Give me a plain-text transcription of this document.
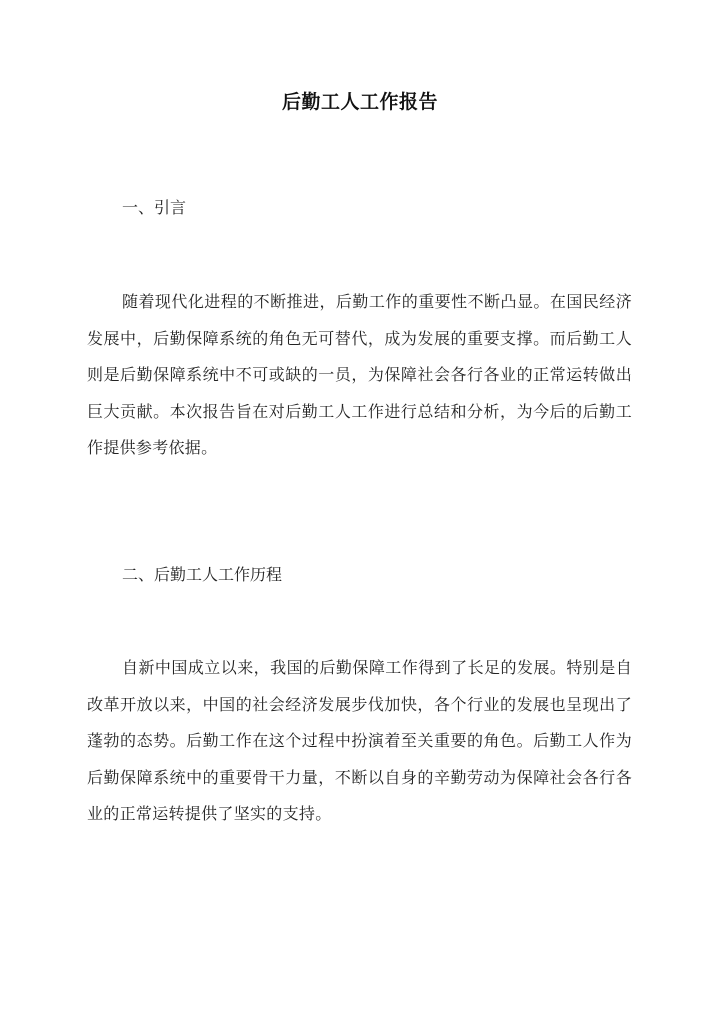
后勤工人工作报告
一、引言

随着现代化进程的不断推进，后勤工作的重要性不断凸显。在国民经济发展中，后勤保障系统的角色无可替代，成为发展的重要支撑。而后勤工人则是后勤保障系统中不可或缺的一员，为保障社会各行各业的正常运转做出巨大贡献。本次报告旨在对后勤工人工作进行总结和分析，为今后的后勤工作提供参考依据。

二、后勤工人工作历程

自新中国成立以来，我国的后勤保障工作得到了长足的发展。特别是自改革开放以来，中国的社会经济发展步伐加快，各个行业的发展也呈现出了蓬勃的态势。后勤工作在这个过程中扮演着至关重要的角色。后勤工人作为后勤保障系统中的重要骨干力量，不断以自身的辛勤劳动为保障社会各行各业的正常运转提供了坚实的支持。
